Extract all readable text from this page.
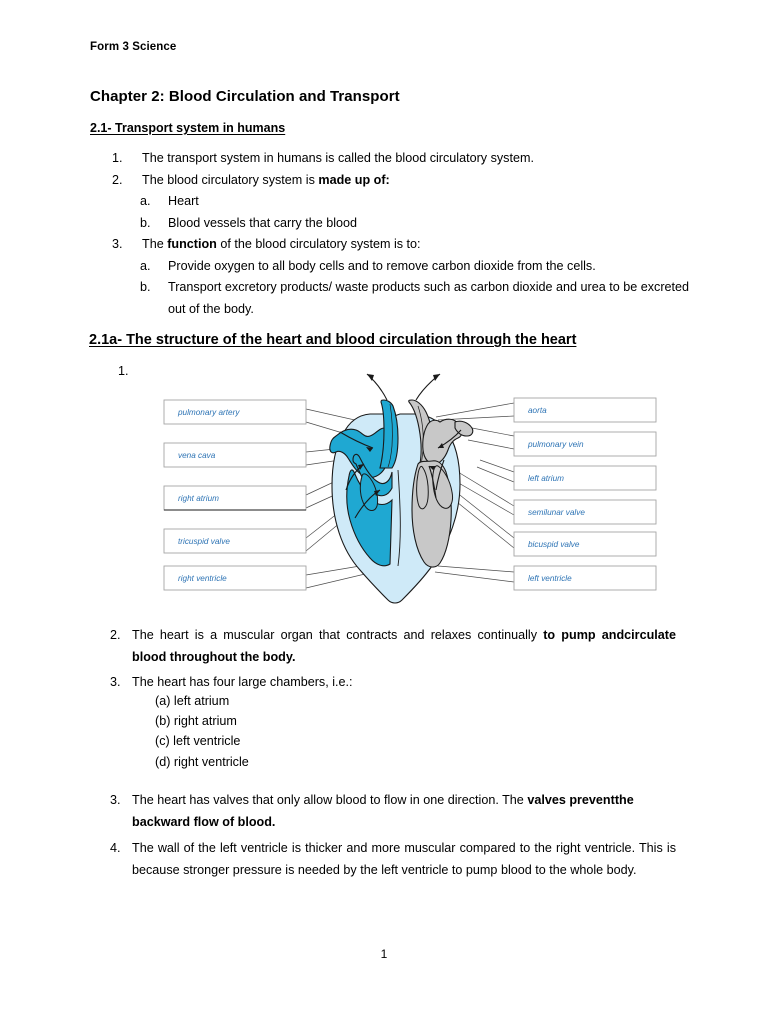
Form 3 Science
Chapter 2: Blood Circulation and Transport
2.1- Transport system in humans
1.	The transport system in humans is called the blood circulatory system.
2.	The blood circulatory system is made up of:
a.	Heart
b.	Blood vessels that carry the blood
3.	The function of the blood circulatory system is to:
a.	Provide oxygen to all body cells and to remove carbon dioxide from the cells.
b.	Transport excretory products/ waste products such as carbon dioxide and urea to be excreted out of the body.
2.1a- The structure of the heart and blood circulation through the heart
1.
pulmonary artery
vena cava
right atrium
tricuspid valve
right ventricle
aorta
pulmonary vein
left atrium
semilunar valve
bicuspid valve
left ventricle
2. The heart is a muscular organ that contracts and relaxes continually to pump andcirculate blood throughout the body.
3. The heart has four large chambers, i.e.:
(a) left atrium
(b) right atrium
(c) left ventricle
(d) right ventricle
3. The heart has valves that only allow blood to flow in one direction. The valves preventthe backward flow of blood.
4. The wall of the left ventricle is thicker and more muscular compared to the right ventricle. This is because stronger pressure is needed by the left ventricle to pump blood to the whole body.
1
